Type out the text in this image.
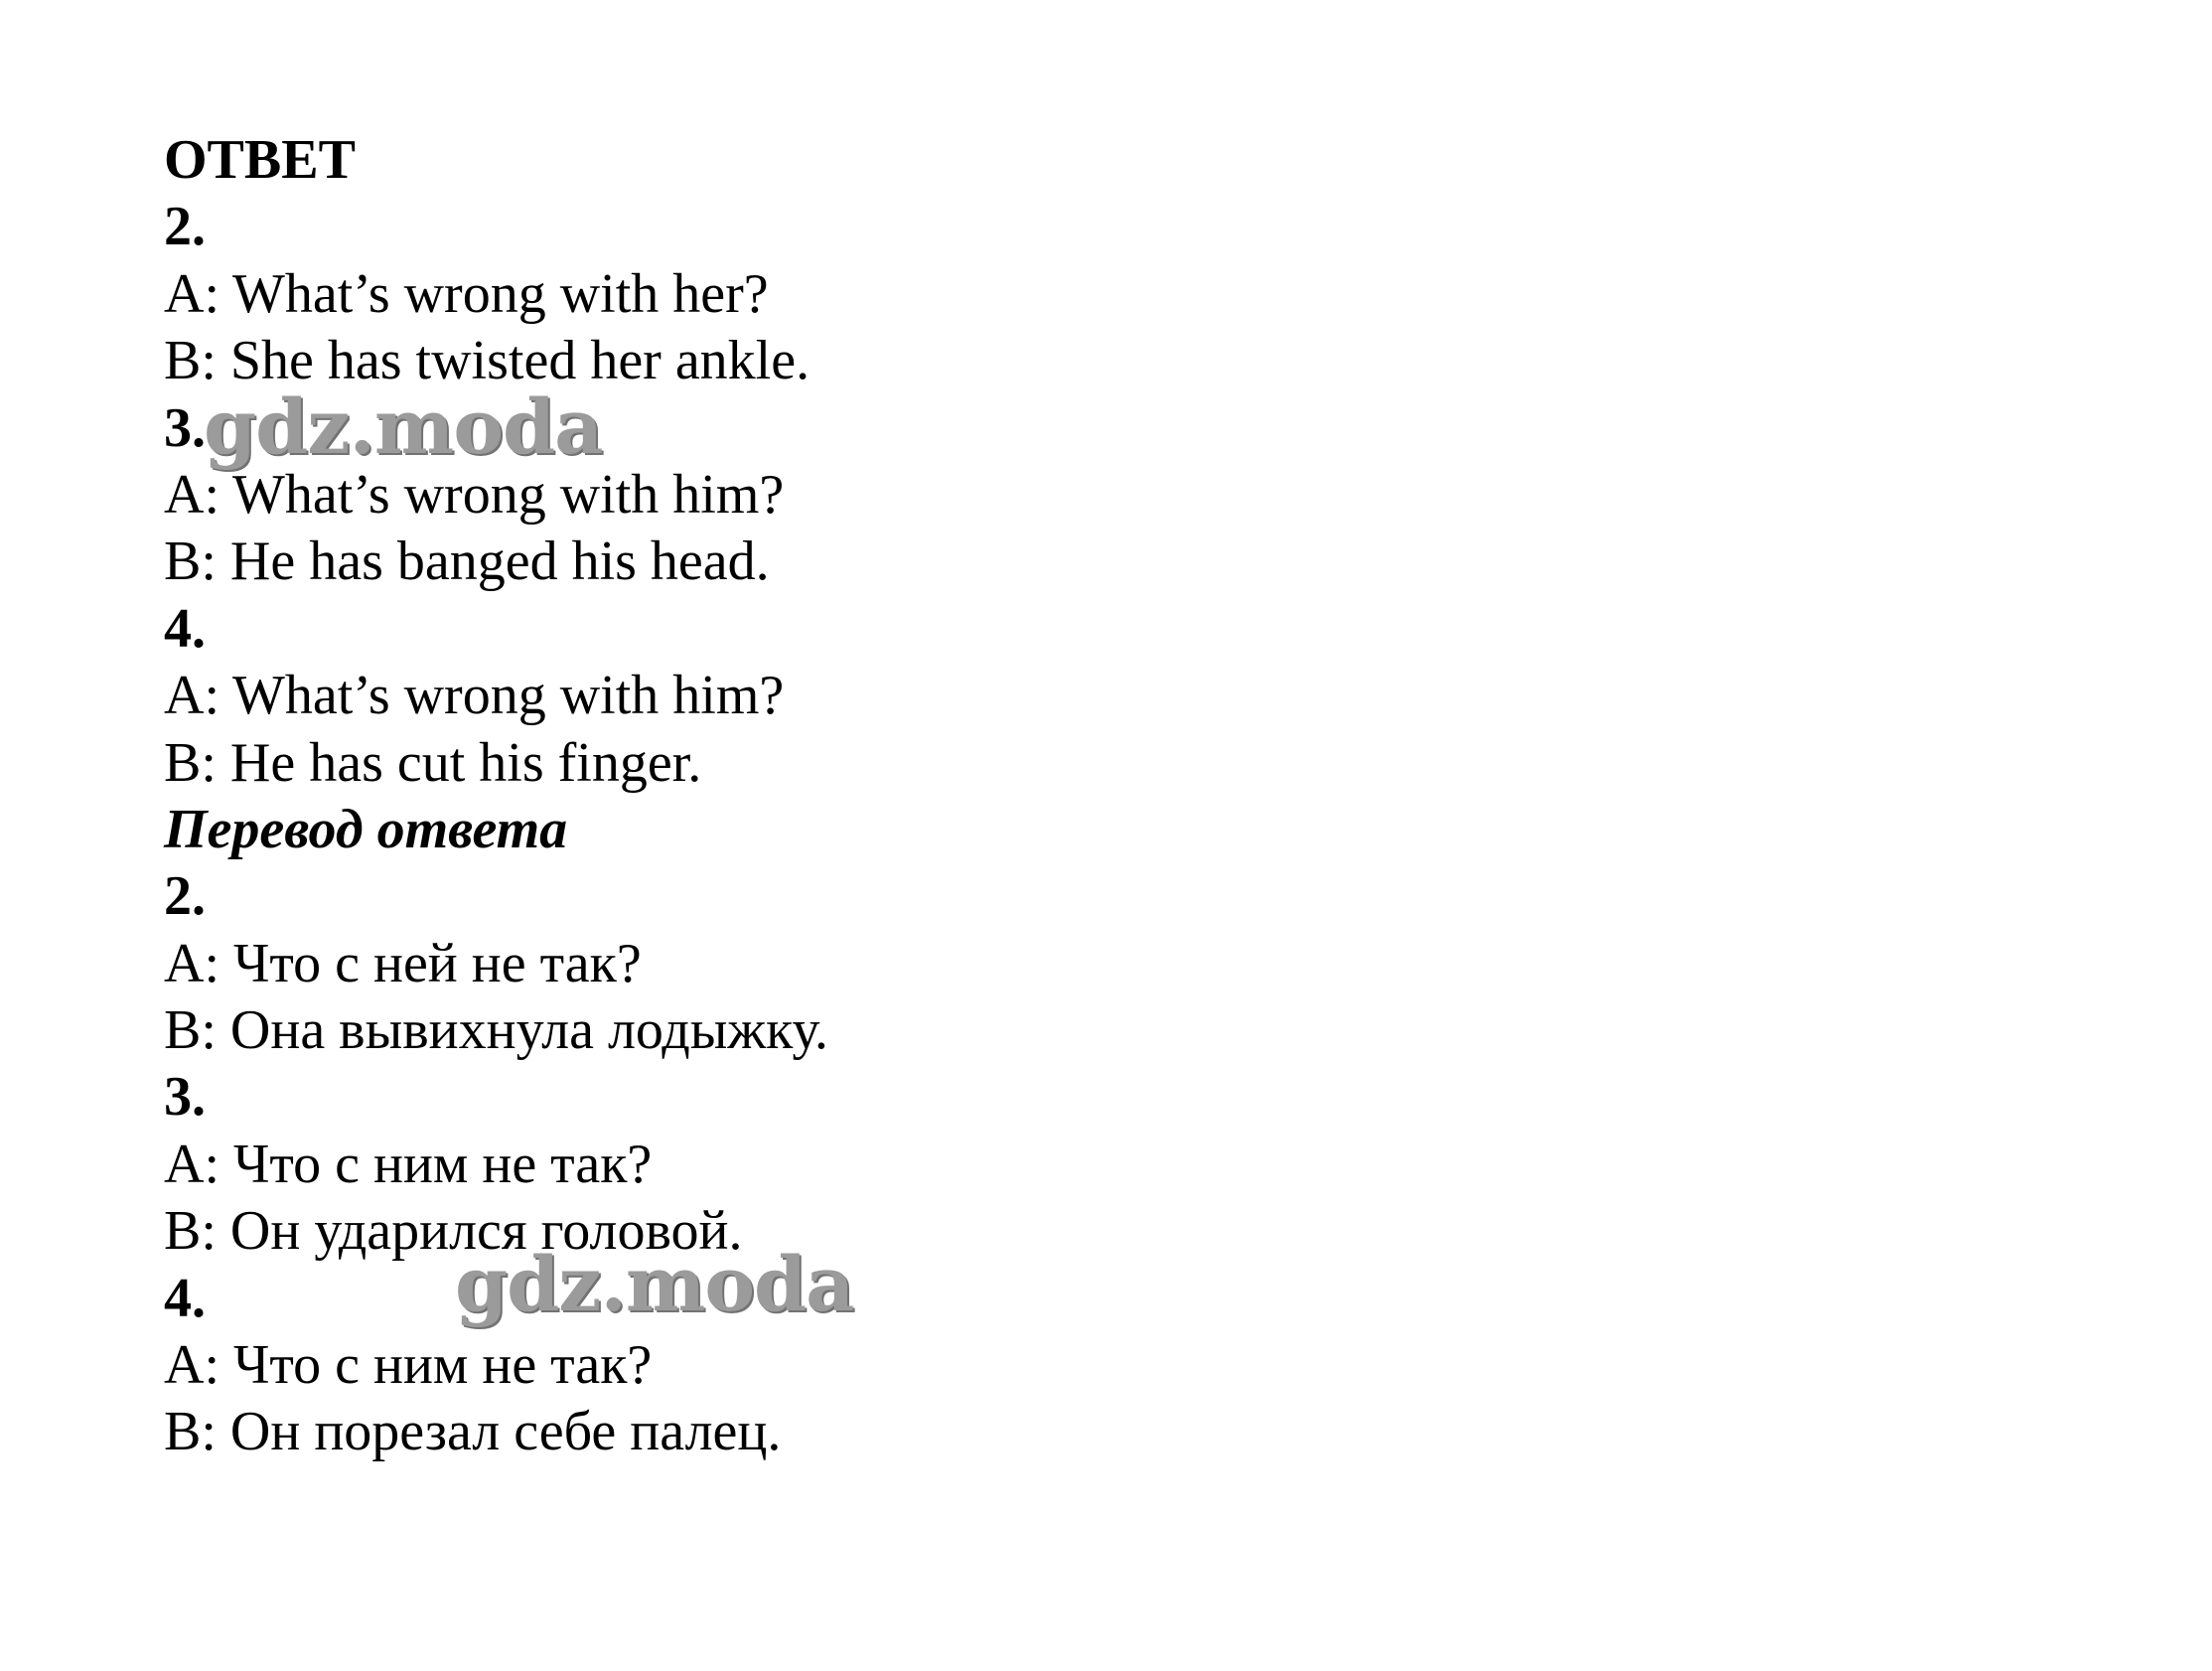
ОТВЕТ
2.
A: What’s wrong with her?
B: She has twisted her ankle.
3.
A: What’s wrong with him?
B: He has banged his head.
4.
A: What’s wrong with him?
B: He has cut his finger.
Перевод ответа
2.
A: Что с ней не так?
B: Она вывихнула лодыжку.
3.
A: Что с ним не так?
B: Он ударился головой.
4.
A: Что с ним не так?
B: Он порезал себе палец.
gdz.moda
gdz.moda
